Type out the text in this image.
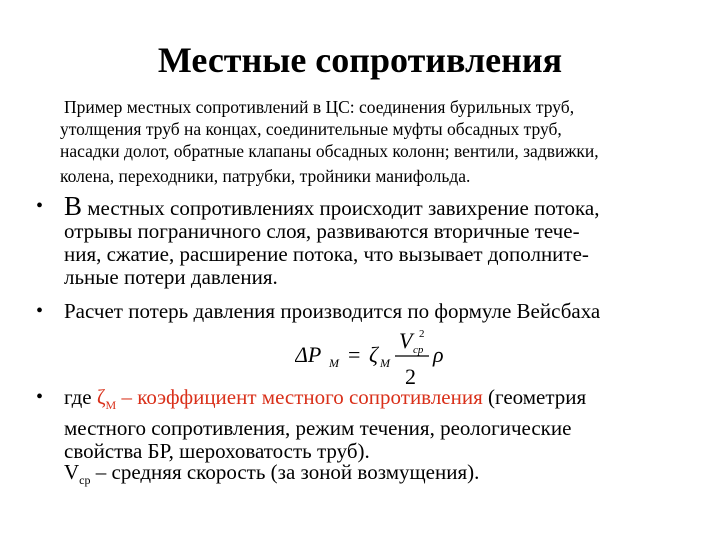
Местные сопротивления
Пример местных сопротивлений в ЦС: соединения бурильных труб,
утолщения труб на концах, соединительные муфты обсадных труб,
насадки долот, обратные клапаны обсадных колонн; вентили, задвижки,
колена, переходники, патрубки, тройники манифольда.
• В местных сопротивлениях происходит завихрение потока,
отрывы пограничного слоя, развиваются вторичные тече-
ния, сжатие, расширение потока, что вызывает дополните-
льные потери давления.
• Расчет потерь давления производится по формуле Вейсбаха
ΔP М = ζ М
V ср
2
2
ρ
• где $\zeta_М$ – коэффициент местного сопротивления (геометрия
местного сопротивления, режим течения, реологические
свойства БР, шероховатость труб).
$V_{ср}$ – средняя скорость (за зоной возмущения).
